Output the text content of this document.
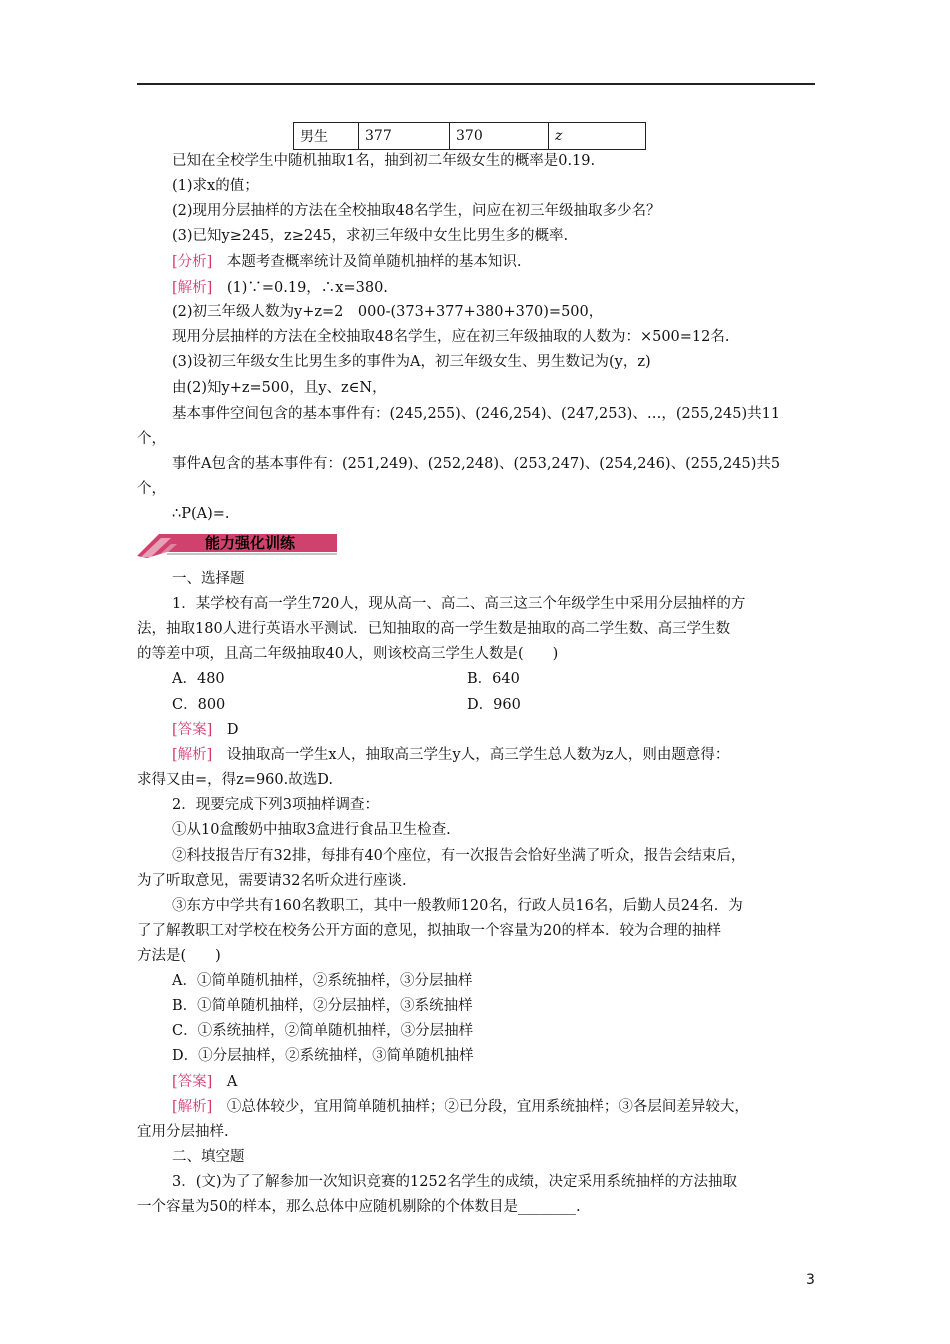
男生	377	370	z
已知在全校学生中随机抽取1名，抽到初二年级女生的概率是0.19.
(1)求x的值；
(2)现用分层抽样的方法在全校抽取48名学生，问应在初三年级抽取多少名？
(3)已知y≥245，z≥245，求初三年级中女生比男生多的概率.
[分析]　 本题考查概率统计及简单随机抽样的基本知识.
[解析]　 (1)∵=0.19，∴x=380.
(2)初三年级人数为y+z=2　000-(373+377+380+370)=500，
现用分层抽样的方法在全校抽取48名学生，应在初三年级抽取的人数为：×500=12名.
(3)设初三年级女生比男生多的事件为A，初三年级女生、男生数记为(y，z)
由(2)知y+z=500，且y、z∈N，
基本事件空间包含的基本事件有：(245,255)、(246,254)、(247,253)、…，(255,245)共11
个，
事件A包含的基本事件有：(251,249)、(252,248)、(253,247)、(254,246)、(255,245)共5
个，
∴P(A)=.
能力强化训练
一、选择题
1．某学校有高一学生720人，现从高一、高二、高三这三个年级学生中采用分层抽样的方
法，抽取180人进行英语水平测试．已知抽取的高一学生数是抽取的高二学生数、高三学生数
的等差中项，且高二年级抽取40人，则该校高三学生人数是(　　)
A．480	B．640
C．800	D．960
[答案]　 D
[解析]　 设抽取高一学生x人，抽取高三学生y人，高三学生总人数为z人，则由题意得：
求得又由=，得z=960.故选D.
2．现要完成下列3项抽样调查：
①从10盒酸奶中抽取3盒进行食品卫生检查.
②科技报告厅有32排，每排有40个座位，有一次报告会恰好坐满了听众，报告会结束后，
为了听取意见，需要请32名听众进行座谈.
③东方中学共有160名教职工，其中一般教师120名，行政人员16名，后勤人员24名．为
了了解教职工对学校在校务公开方面的意见，拟抽取一个容量为20的样本．较为合理的抽样
方法是(　　)
A．①简单随机抽样，②系统抽样，③分层抽样
B．①简单随机抽样，②分层抽样，③系统抽样
C．①系统抽样，②简单随机抽样，③分层抽样
D．①分层抽样，②系统抽样，③简单随机抽样
[答案]　 A
[解析]　 ①总体较少，宜用简单随机抽样；②已分段，宜用系统抽样；③各层间差异较大，
宜用分层抽样.
二、填空题
3．(文)为了了解参加一次知识竞赛的1252名学生的成绩，决定采用系统抽样的方法抽取
一个容量为50的样本，那么总体中应随机剔除的个体数目是________.
3
